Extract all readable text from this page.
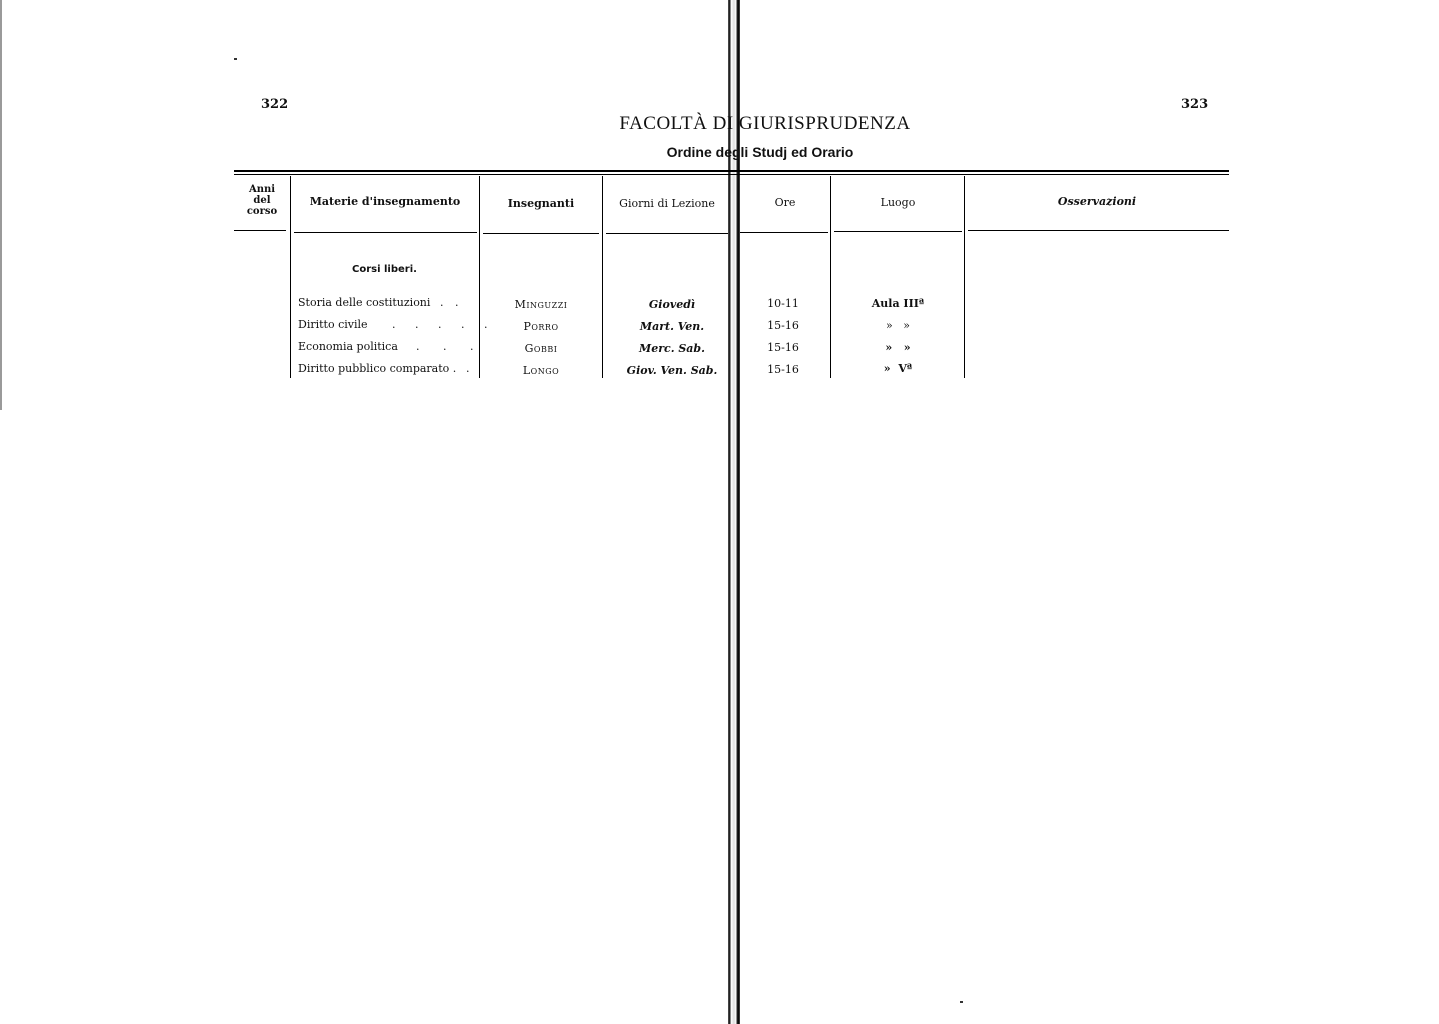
322	323
FACOLTÀ DI GIURISPRUDENZA
Ordine degli Studj ed Orario
Anni
del
corso
Materie d'insegnamento	Insegnanti	Giorni di Lezione	Ore	Luogo	Osservazioni
Corsi liberi.
Storia delle costituzioni . .	Minguzzi	Giovedì	10-11	Aula IIIª
Diritto civile . . . . .	Porro	Mart. Ven.	15-16	»   »
Economia politica . . .	Gobbi	Merc. Sab.	15-16	»   »
Diritto pubblico comparato . .	Longo	Giov. Ven. Sab.	15-16	»  Vª
